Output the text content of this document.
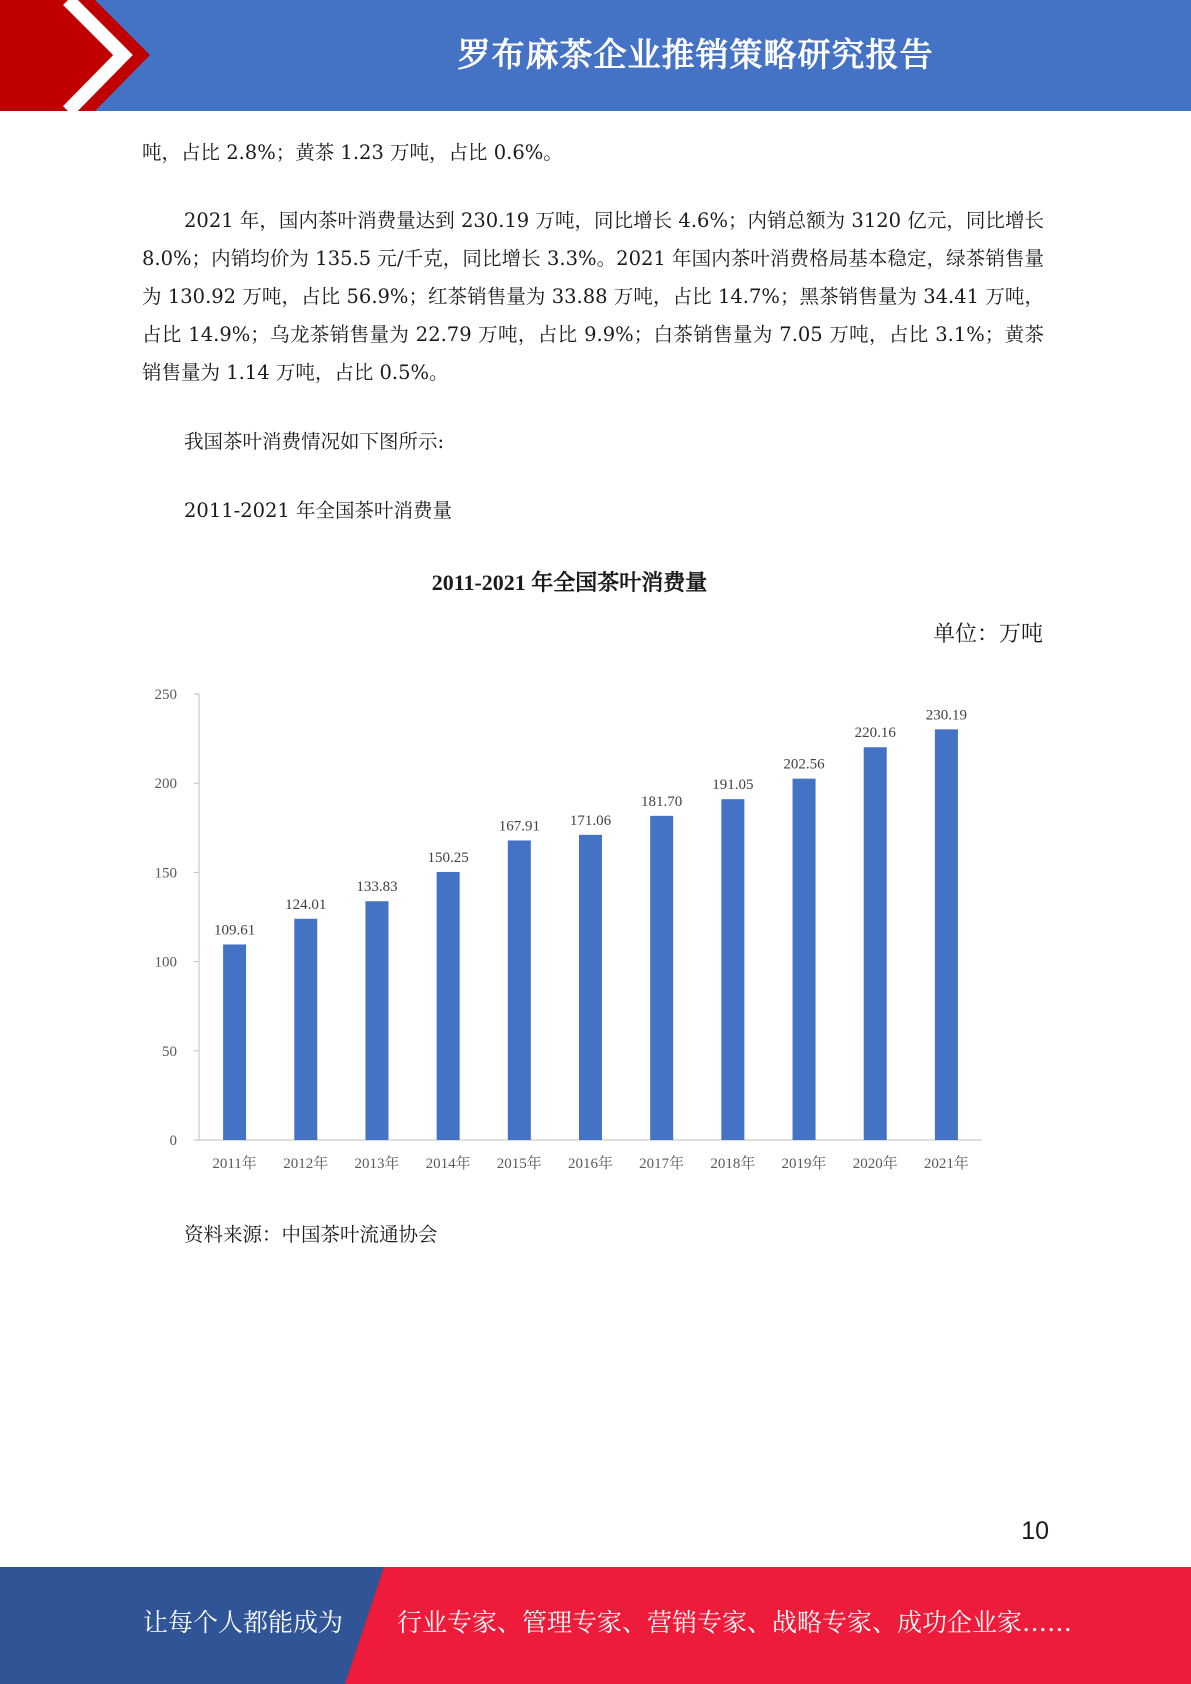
罗布麻茶企业推销策略研究报告

吨，占比 2.8%；黄茶 1.23 万吨，占比 0.6%。

2021 年，国内茶叶消费量达到 230.19 万吨，同比增长 4.6%；内销总额为 3120 亿元，同比增长 8.0%；内销均价为 135.5 元/千克，同比增长 3.3%。2021 年国内茶叶消费格局基本稳定，绿茶销售量为 130.92 万吨，占比 56.9%；红茶销售量为 33.88 万吨，占比 14.7%；黑茶销售量为 34.41 万吨，占比 14.9%；乌龙茶销售量为 22.79 万吨，占比 9.9%；白茶销售量为 7.05 万吨，占比 3.1%；黄茶销售量为 1.14 万吨，占比 0.5%。

我国茶叶消费情况如下图所示:

2011-2021 年全国茶叶消费量

2011-2021 年全国茶叶消费量
单位：万吨
0
50
100
150
200
250
109.61
2011年
124.01
2012年
133.83
2013年
150.25
2014年
167.91
2015年
171.06
2016年
181.70
2017年
191.05
2018年
202.56
2019年
220.16
2020年
230.19
2021年

资料来源：中国茶叶流通协会

10
让每个人都能成为 行业专家、管理专家、营销专家、战略专家、成功企业家……
